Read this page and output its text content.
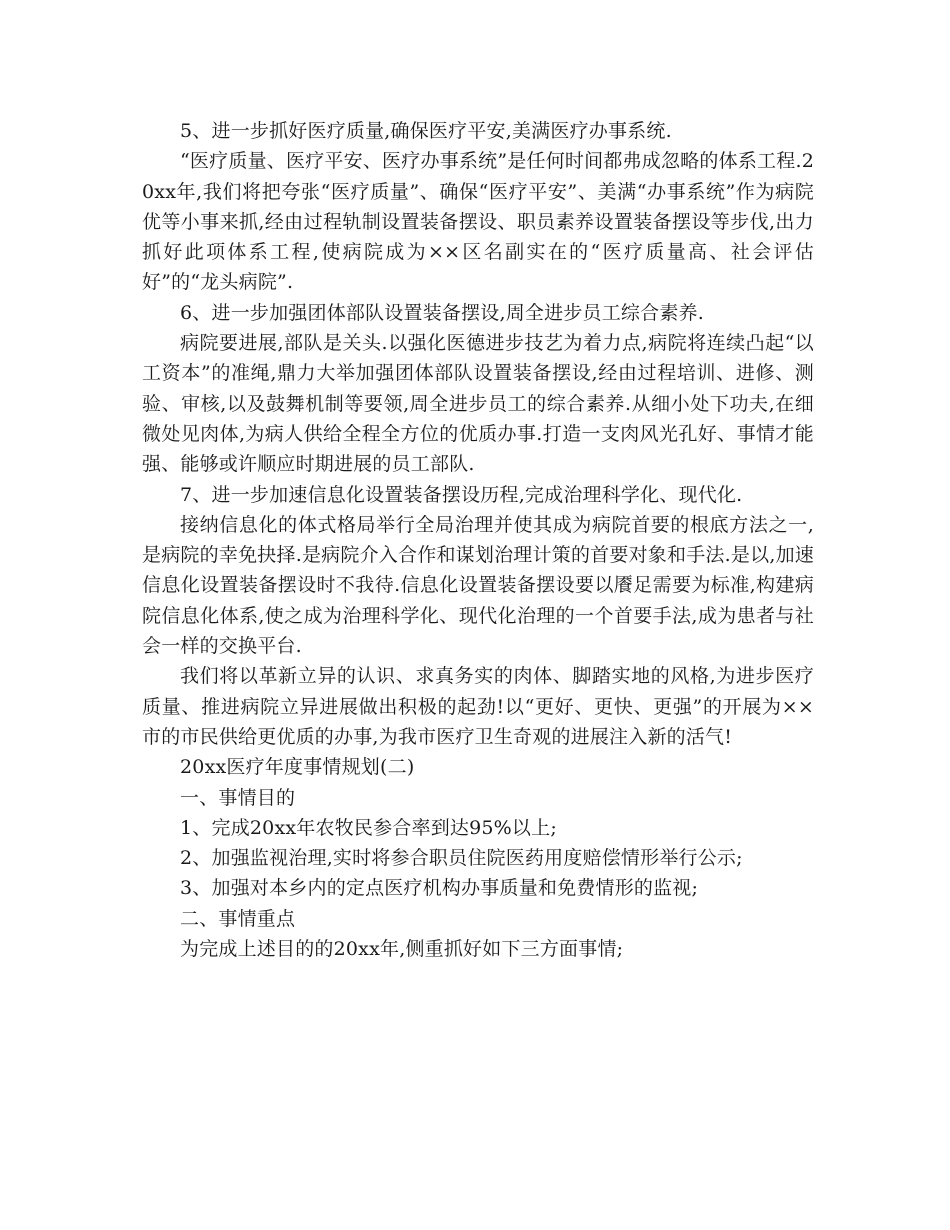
5、进一步抓好医疗质量,确保医疗平安,美满医疗办事系统.

“医疗质量、医疗平安、医疗办事系统”是任何时间都弗成忽略的体系工程.20xx年,我们将把夸张“医疗质量”、确保“医疗平安”、美满“办事系统”作为病院优等小事来抓,经由过程轨制设置装备摆设、职员素养设置装备摆设等步伐,出力抓好此项体系工程,使病院成为××区名副实在的“医疗质量高、社会评估好”的“龙头病院”.

6、进一步加强团体部队设置装备摆设,周全进步员工综合素养.

病院要进展,部队是关头.以强化医德进步技艺为着力点,病院将连续凸起“以工资本”的准绳,鼎力大举加强团体部队设置装备摆设,经由过程培训、进修、测验、审核,以及鼓舞机制等要领,周全进步员工的综合素养.从细小处下功夫,在细微处见肉体,为病人供给全程全方位的优质办事.打造一支肉风光孔好、事情才能强、能够或许顺应时期进展的员工部队.

7、进一步加速信息化设置装备摆设历程,完成治理科学化、现代化.

接纳信息化的体式格局举行全局治理并使其成为病院首要的根底方法之一,是病院的幸免抉择.是病院介入合作和谋划治理计策的首要对象和手法.是以,加速信息化设置装备摆设时不我待.信息化设置装备摆设要以餍足需要为标准,构建病院信息化体系,使之成为治理科学化、现代化治理的一个首要手法,成为患者与社会一样的交换平台.

我们将以革新立异的认识、求真务实的肉体、脚踏实地的风格,为进步医疗质量、推进病院立异进展做出积极的起劲!以“更好、更快、更强”的开展为××市的市民供给更优质的办事,为我市医疗卫生奇观的进展注入新的活气!

20xx医疗年度事情规划(二)

一、事情目的

1、完成20xx年农牧民参合率到达95%以上;

2、加强监视治理,实时将参合职员住院医药用度赔偿情形举行公示;

3、加强对本乡内的定点医疗机构办事质量和免费情形的监视;

二、事情重点

为完成上述目的的20xx年,侧重抓好如下三方面事情;
